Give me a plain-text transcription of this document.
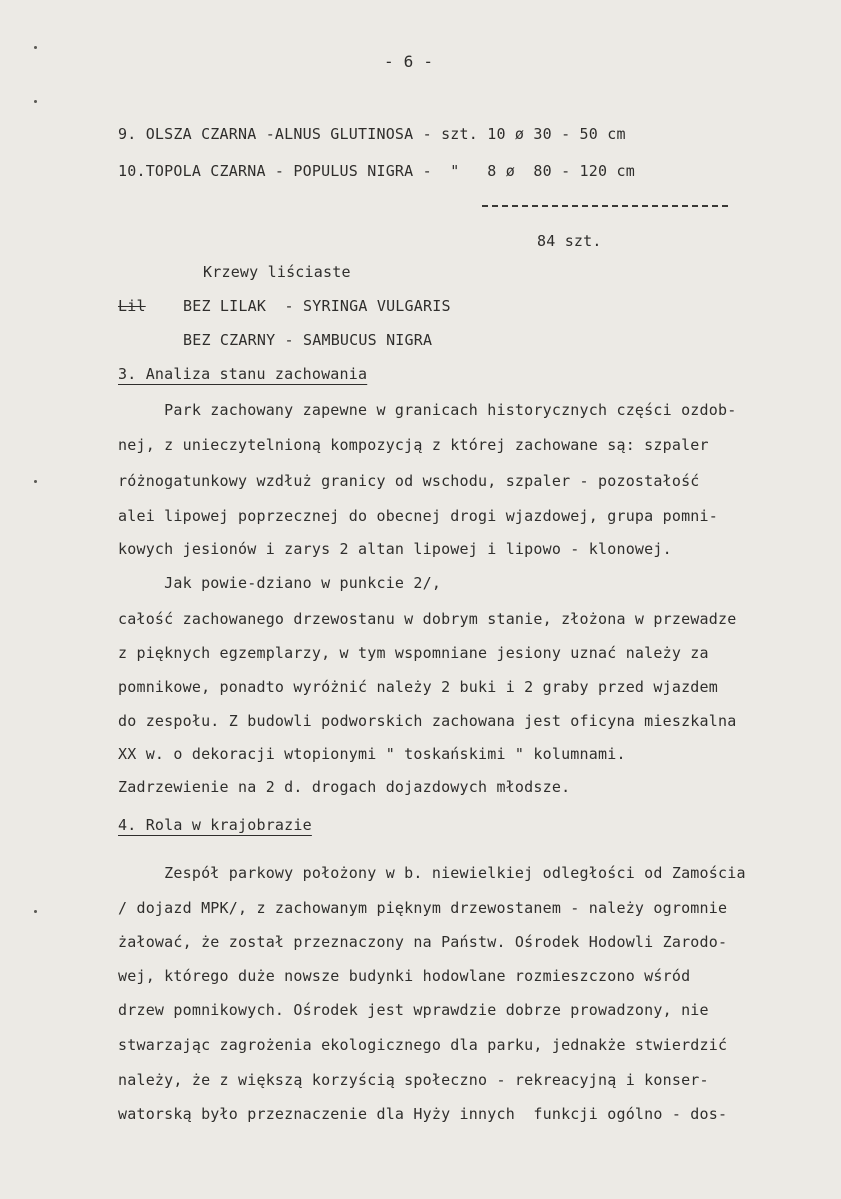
- 6 -
9. OLSZA CZARNA -ALNUS GLUTINOSA - szt. 10 ø 30 - 50 cm
10.TOPOLA CZARNA - POPULUS NIGRA -  "   8 ø  80 - 120 cm
84 szt.
Krzewy liściaste
Lil BEZ LILAK  - SYRINGA VULGARIS
BEZ CZARNY - SAMBUCUS NIGRA
3. Analiza stanu zachowania
Park zachowany zapewne w granicach historycznych części ozdob-
nej, z unieczytelnioną kompozycją z której zachowane są: szpaler
różnogatunkowy wzdłuż granicy od wschodu, szpaler - pozostałość
alei lipowej poprzecznej do obecnej drogi wjazdowej, grupa pomni-
kowych jesionów i zarys 2 altan lipowej i lipowo - klonowej.
Jak powie-dziano w punkcie 2/,
całość zachowanego drzewostanu w dobrym stanie, złożona w przewadze
z pięknych egzemplarzy, w tym wspomniane jesiony uznać należy za
pomnikowe, ponadto wyróżnić należy 2 buki i 2 graby przed wjazdem
do zespołu. Z budowli podworskich zachowana jest oficyna mieszkalna
XX w. o dekoracji wtopionymi " toskańskimi " kolumnami.
Zadrzewienie na 2 d. drogach dojazdowych młodsze.
4. Rola w krajobrazie
Zespół parkowy położony w b. niewielkiej odległości od Zamościa
/ dojazd MPK/, z zachowanym pięknym drzewostanem - należy ogromnie
żałować, że został przeznaczony na Państw. Ośrodek Hodowli Zarodo-
wej, którego duże nowsze budynki hodowlane rozmieszczono wśród
drzew pomnikowych. Ośrodek jest wprawdzie dobrze prowadzony, nie
stwarzając zagrożenia ekologicznego dla parku, jednakże stwierdzić
należy, że z większą korzyścią społeczno - rekreacyjną i konser-
watorską było przeznaczenie dla Hyży innych  funkcji ogólno - dos-
